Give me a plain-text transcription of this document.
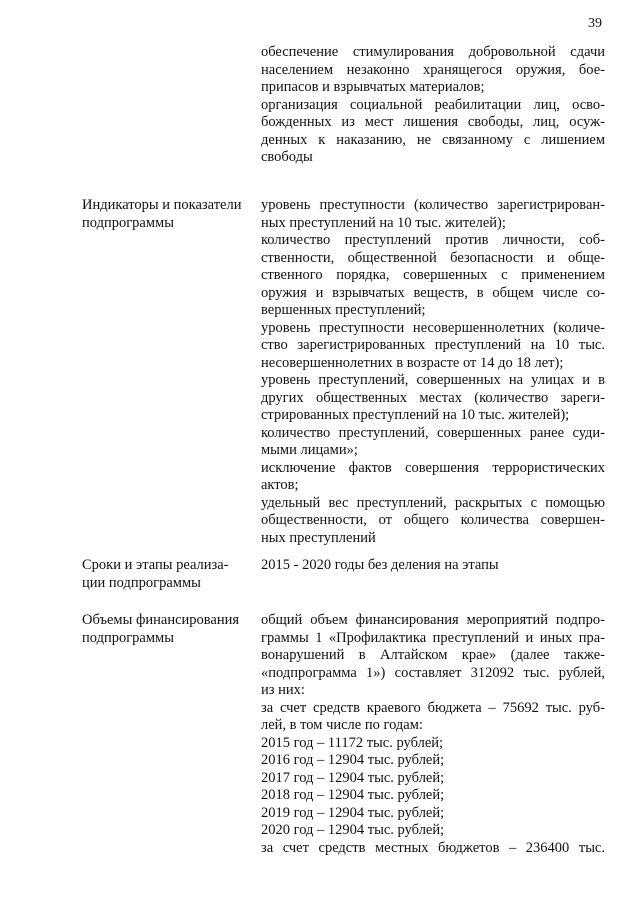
39
обеспечение стимулирования добровольной сдачи
населением незаконно хранящегося оружия, бое-
припасов и взрывчатых материалов;
организация социальной реабилитации лиц, осво-
божденных из мест лишения свободы, лиц, осуж-
денных к наказанию, не связанному с лишением
свободы
Индикаторы и показатели
подпрограммы
уровень преступности (количество зарегистрирован-
ных преступлений на 10 тыс. жителей);
количество преступлений против личности, соб-
ственности, общественной безопасности и обще-
ственного порядка, совершенных с применением
оружия и взрывчатых веществ, в общем числе со-
вершенных преступлений;
уровень преступности несовершеннолетних (количе-
ство зарегистрированных преступлений на 10 тыс.
несовершеннолетних в возрасте от 14 до 18 лет);
уровень преступлений, совершенных на улицах и в
других общественных местах (количество зареги-
стрированных преступлений на 10 тыс. жителей);
количество преступлений, совершенных ранее суди-
мыми лицами»;
исключение фактов совершения террористических
актов;
удельный вес преступлений, раскрытых с помощью
общественности, от общего количества совершен-
ных преступлений
Сроки и этапы реализа-
ции подпрограммы
2015 - 2020 годы без деления на этапы
Объемы финансирования
подпрограммы
общий объем финансирования мероприятий подпро-
граммы 1 «Профилактика преступлений и иных пра-
вонарушений в Алтайском крае» (далее также-
«подпрограмма 1») составляет 312092 тыс. рублей,
из них:
за счет средств краевого бюджета – 75692 тыс. руб-
лей, в том числе по годам:
2015 год – 11172 тыс. рублей;
2016 год – 12904 тыс. рублей;
2017 год – 12904 тыс. рублей;
2018 год – 12904 тыс. рублей;
2019 год – 12904 тыс. рублей;
2020 год – 12904 тыс. рублей;
за счет средств местных бюджетов – 236400 тыс.
